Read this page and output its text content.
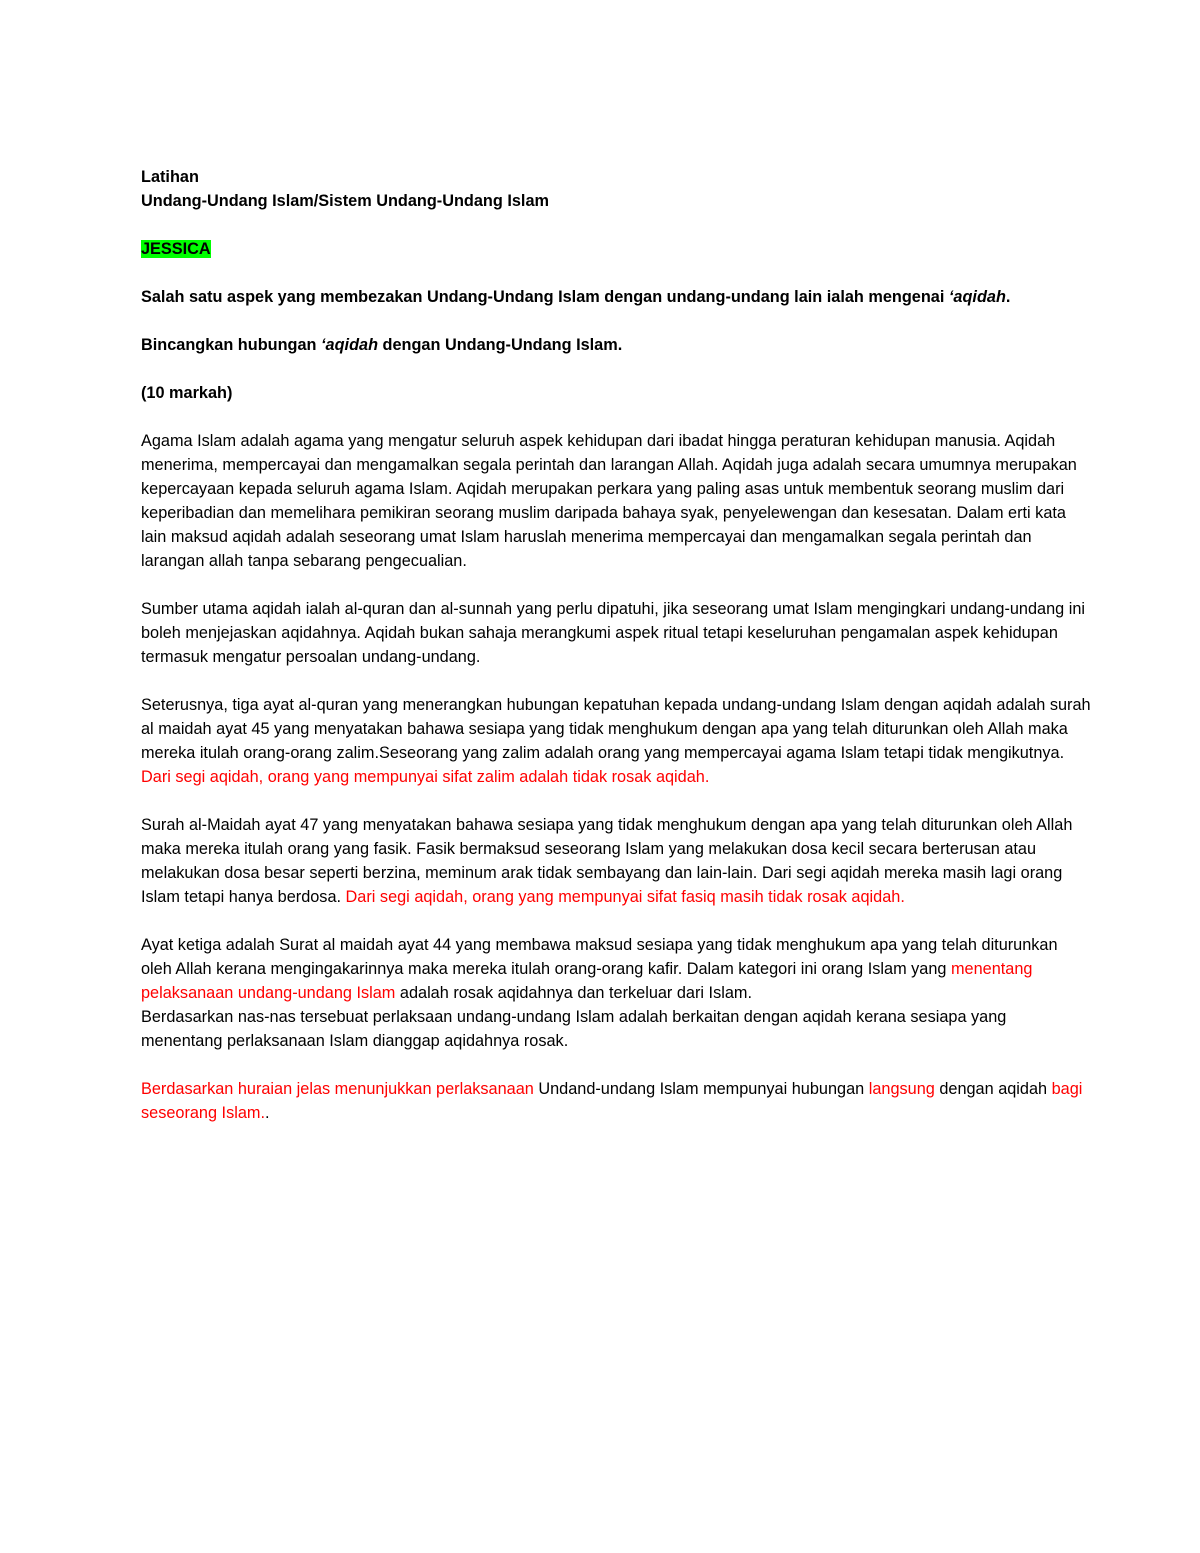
Latihan

Undang-Undang Islam/Sistem Undang-Undang Islam

JESSICA

Salah satu aspek yang membezakan Undang-Undang Islam dengan undang-undang lain ialah mengenai ‘aqidah.

Bincangkan hubungan ‘aqidah dengan Undang-Undang Islam.

(10 markah)

Agama Islam adalah agama yang mengatur seluruh aspek kehidupan dari ibadat hingga peraturan kehidupan manusia. Aqidah menerima, mempercayai dan mengamalkan segala perintah dan larangan Allah. Aqidah juga adalah secara umumnya merupakan kepercayaan kepada seluruh agama Islam. Aqidah merupakan perkara yang paling asas untuk membentuk seorang muslim dari keperibadian dan memelihara pemikiran seorang muslim daripada bahaya syak, penyelewengan dan kesesatan. Dalam erti kata lain maksud aqidah adalah seseorang umat Islam haruslah menerima mempercayai dan mengamalkan segala perintah dan larangan allah tanpa sebarang pengecualian.

Sumber utama aqidah ialah al-quran dan al-sunnah yang perlu dipatuhi, jika seseorang umat Islam mengingkari undang-undang ini boleh menjejaskan aqidahnya. Aqidah bukan sahaja merangkumi aspek ritual tetapi keseluruhan pengamalan aspek kehidupan termasuk mengatur persoalan undang-undang.

Seterusnya, tiga ayat al-quran yang menerangkan hubungan kepatuhan kepada undang-undang Islam dengan aqidah adalah surah al maidah ayat 45 yang menyatakan bahawa sesiapa yang tidak menghukum dengan apa yang telah diturunkan oleh Allah maka mereka itulah orang-orang zalim.Seseorang yang zalim adalah orang yang mempercayai agama Islam tetapi tidak mengikutnya. Dari segi aqidah, orang yang mempunyai sifat zalim adalah tidak rosak aqidah.

Surah al-Maidah ayat 47 yang menyatakan bahawa sesiapa yang tidak menghukum dengan apa yang telah diturunkan oleh Allah maka mereka itulah orang yang fasik. Fasik bermaksud seseorang Islam yang melakukan dosa kecil secara berterusan atau melakukan dosa besar seperti berzina, meminum arak tidak sembayang dan lain-lain. Dari segi aqidah mereka masih lagi orang Islam tetapi hanya berdosa. Dari segi aqidah, orang yang mempunyai sifat fasiq masih tidak rosak aqidah.

Ayat ketiga adalah Surat al maidah ayat 44 yang membawa maksud sesiapa yang tidak menghukum apa yang telah diturunkan oleh Allah kerana mengingakarinnya maka mereka itulah orang-orang kafir. Dalam kategori ini orang Islam yang menentang pelaksanaan undang-undang Islam adalah rosak aqidahnya dan terkeluar dari Islam.

Berdasarkan nas-nas tersebuat perlaksaan undang-undang Islam adalah berkaitan dengan aqidah kerana sesiapa yang menentang perlaksanaan Islam dianggap aqidahnya rosak.

Berdasarkan huraian jelas menunjukkan perlaksanaan Undand-undang Islam mempunyai hubungan langsung dengan aqidah bagi seseorang Islam..
